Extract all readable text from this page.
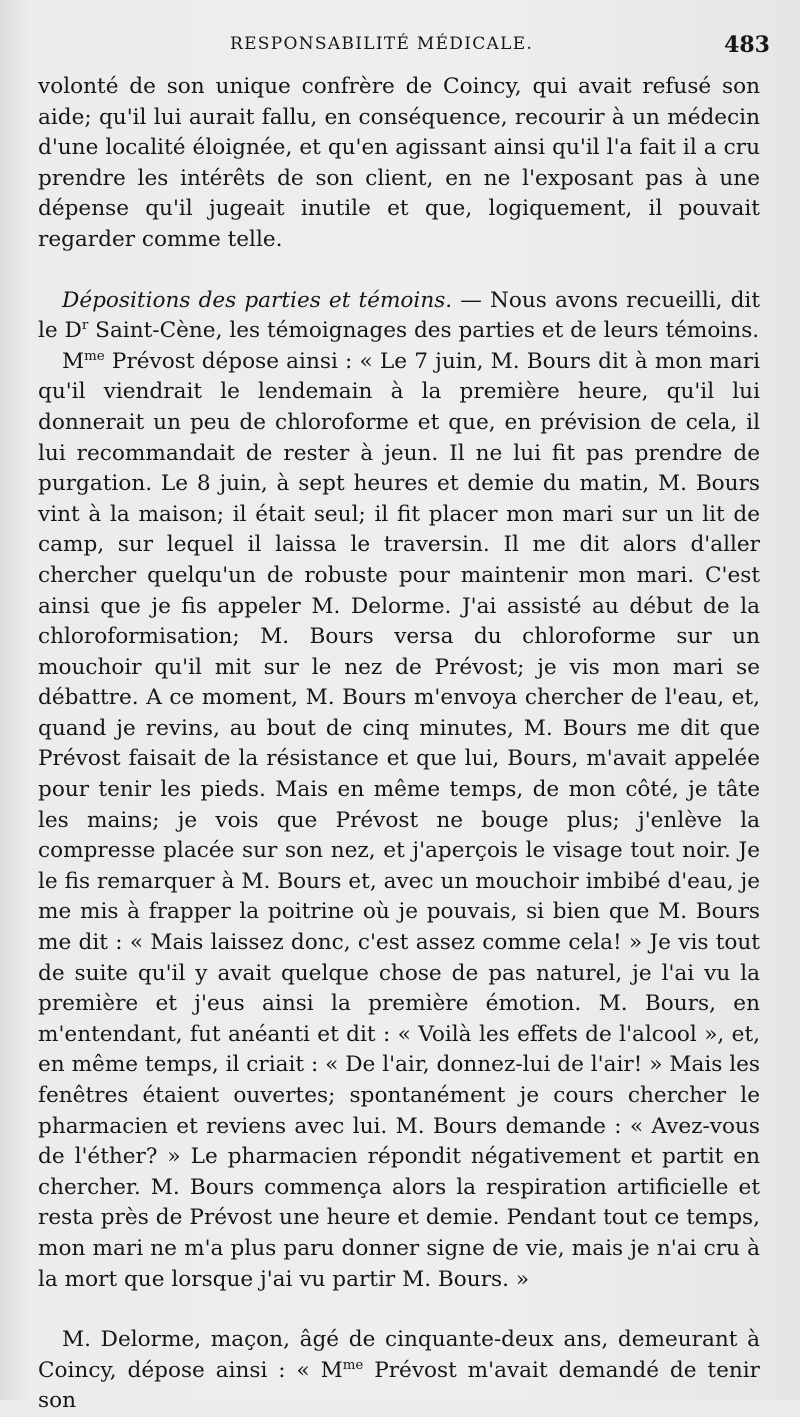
RESPONSABILITÉ MÉDICALE.	483

volonté de son unique confrère de Coincy, qui avait refusé son aide; qu'il lui aurait fallu, en conséquence, recourir à un médecin d'une localité éloignée, et qu'en agissant ainsi qu'il l'a fait il a cru prendre les intérêts de son client, en ne l'exposant pas à une dépense qu'il jugeait inutile et que, logiquement, il pouvait regarder comme telle.

Dépositions des parties et témoins. — Nous avons recueilli, dit le $D^r$ Saint-Cène, les témoignages des parties et de leurs témoins.

$M^{me}$ Prévost dépose ainsi : « Le 7 juin, M. Bours dit à mon mari qu'il viendrait le lendemain à la première heure, qu'il lui donnerait un peu de chloroforme et que, en prévision de cela, il lui recommandait de rester à jeun. Il ne lui fit pas prendre de purgation. Le 8 juin, à sept heures et demie du matin, M. Bours vint à la maison; il était seul; il fit placer mon mari sur un lit de camp, sur lequel il laissa le traversin. Il me dit alors d'aller chercher quelqu'un de robuste pour maintenir mon mari. C'est ainsi que je fis appeler M. Delorme. J'ai assisté au début de la chloroformisation; M. Bours versa du chloroforme sur un mouchoir qu'il mit sur le nez de Prévost; je vis mon mari se débattre. A ce moment, M. Bours m'envoya chercher de l'eau, et, quand je revins, au bout de cinq minutes, M. Bours me dit que Prévost faisait de la résistance et que lui, Bours, m'avait appelée pour tenir les pieds. Mais en même temps, de mon côté, je tâte les mains; je vois que Prévost ne bouge plus; j'enlève la compresse placée sur son nez, et j'aperçois le visage tout noir. Je le fis remarquer à M. Bours et, avec un mouchoir imbibé d'eau, je me mis à frapper la poitrine où je pouvais, si bien que M. Bours me dit : « Mais laissez donc, c'est assez comme cela! » Je vis tout de suite qu'il y avait quelque chose de pas naturel, je l'ai vu la première et j'eus ainsi la première émotion. M. Bours, en m'entendant, fut anéanti et dit : « Voilà les effets de l'alcool », et, en même temps, il criait : « De l'air, donnez-lui de l'air! » Mais les fenêtres étaient ouvertes; spontanément je cours chercher le pharmacien et reviens avec lui. M. Bours demande : « Avez-vous de l'éther? » Le pharmacien répondit négativement et partit en chercher. M. Bours commença alors la respiration artificielle et resta près de Prévost une heure et demie. Pendant tout ce temps, mon mari ne m'a plus paru donner signe de vie, mais je n'ai cru à la mort que lorsque j'ai vu partir M. Bours. »

M. Delorme, maçon, âgé de cinquante-deux ans, demeurant à Coincy, dépose ainsi : « $M^{me}$ Prévost m'avait demandé de tenir son
